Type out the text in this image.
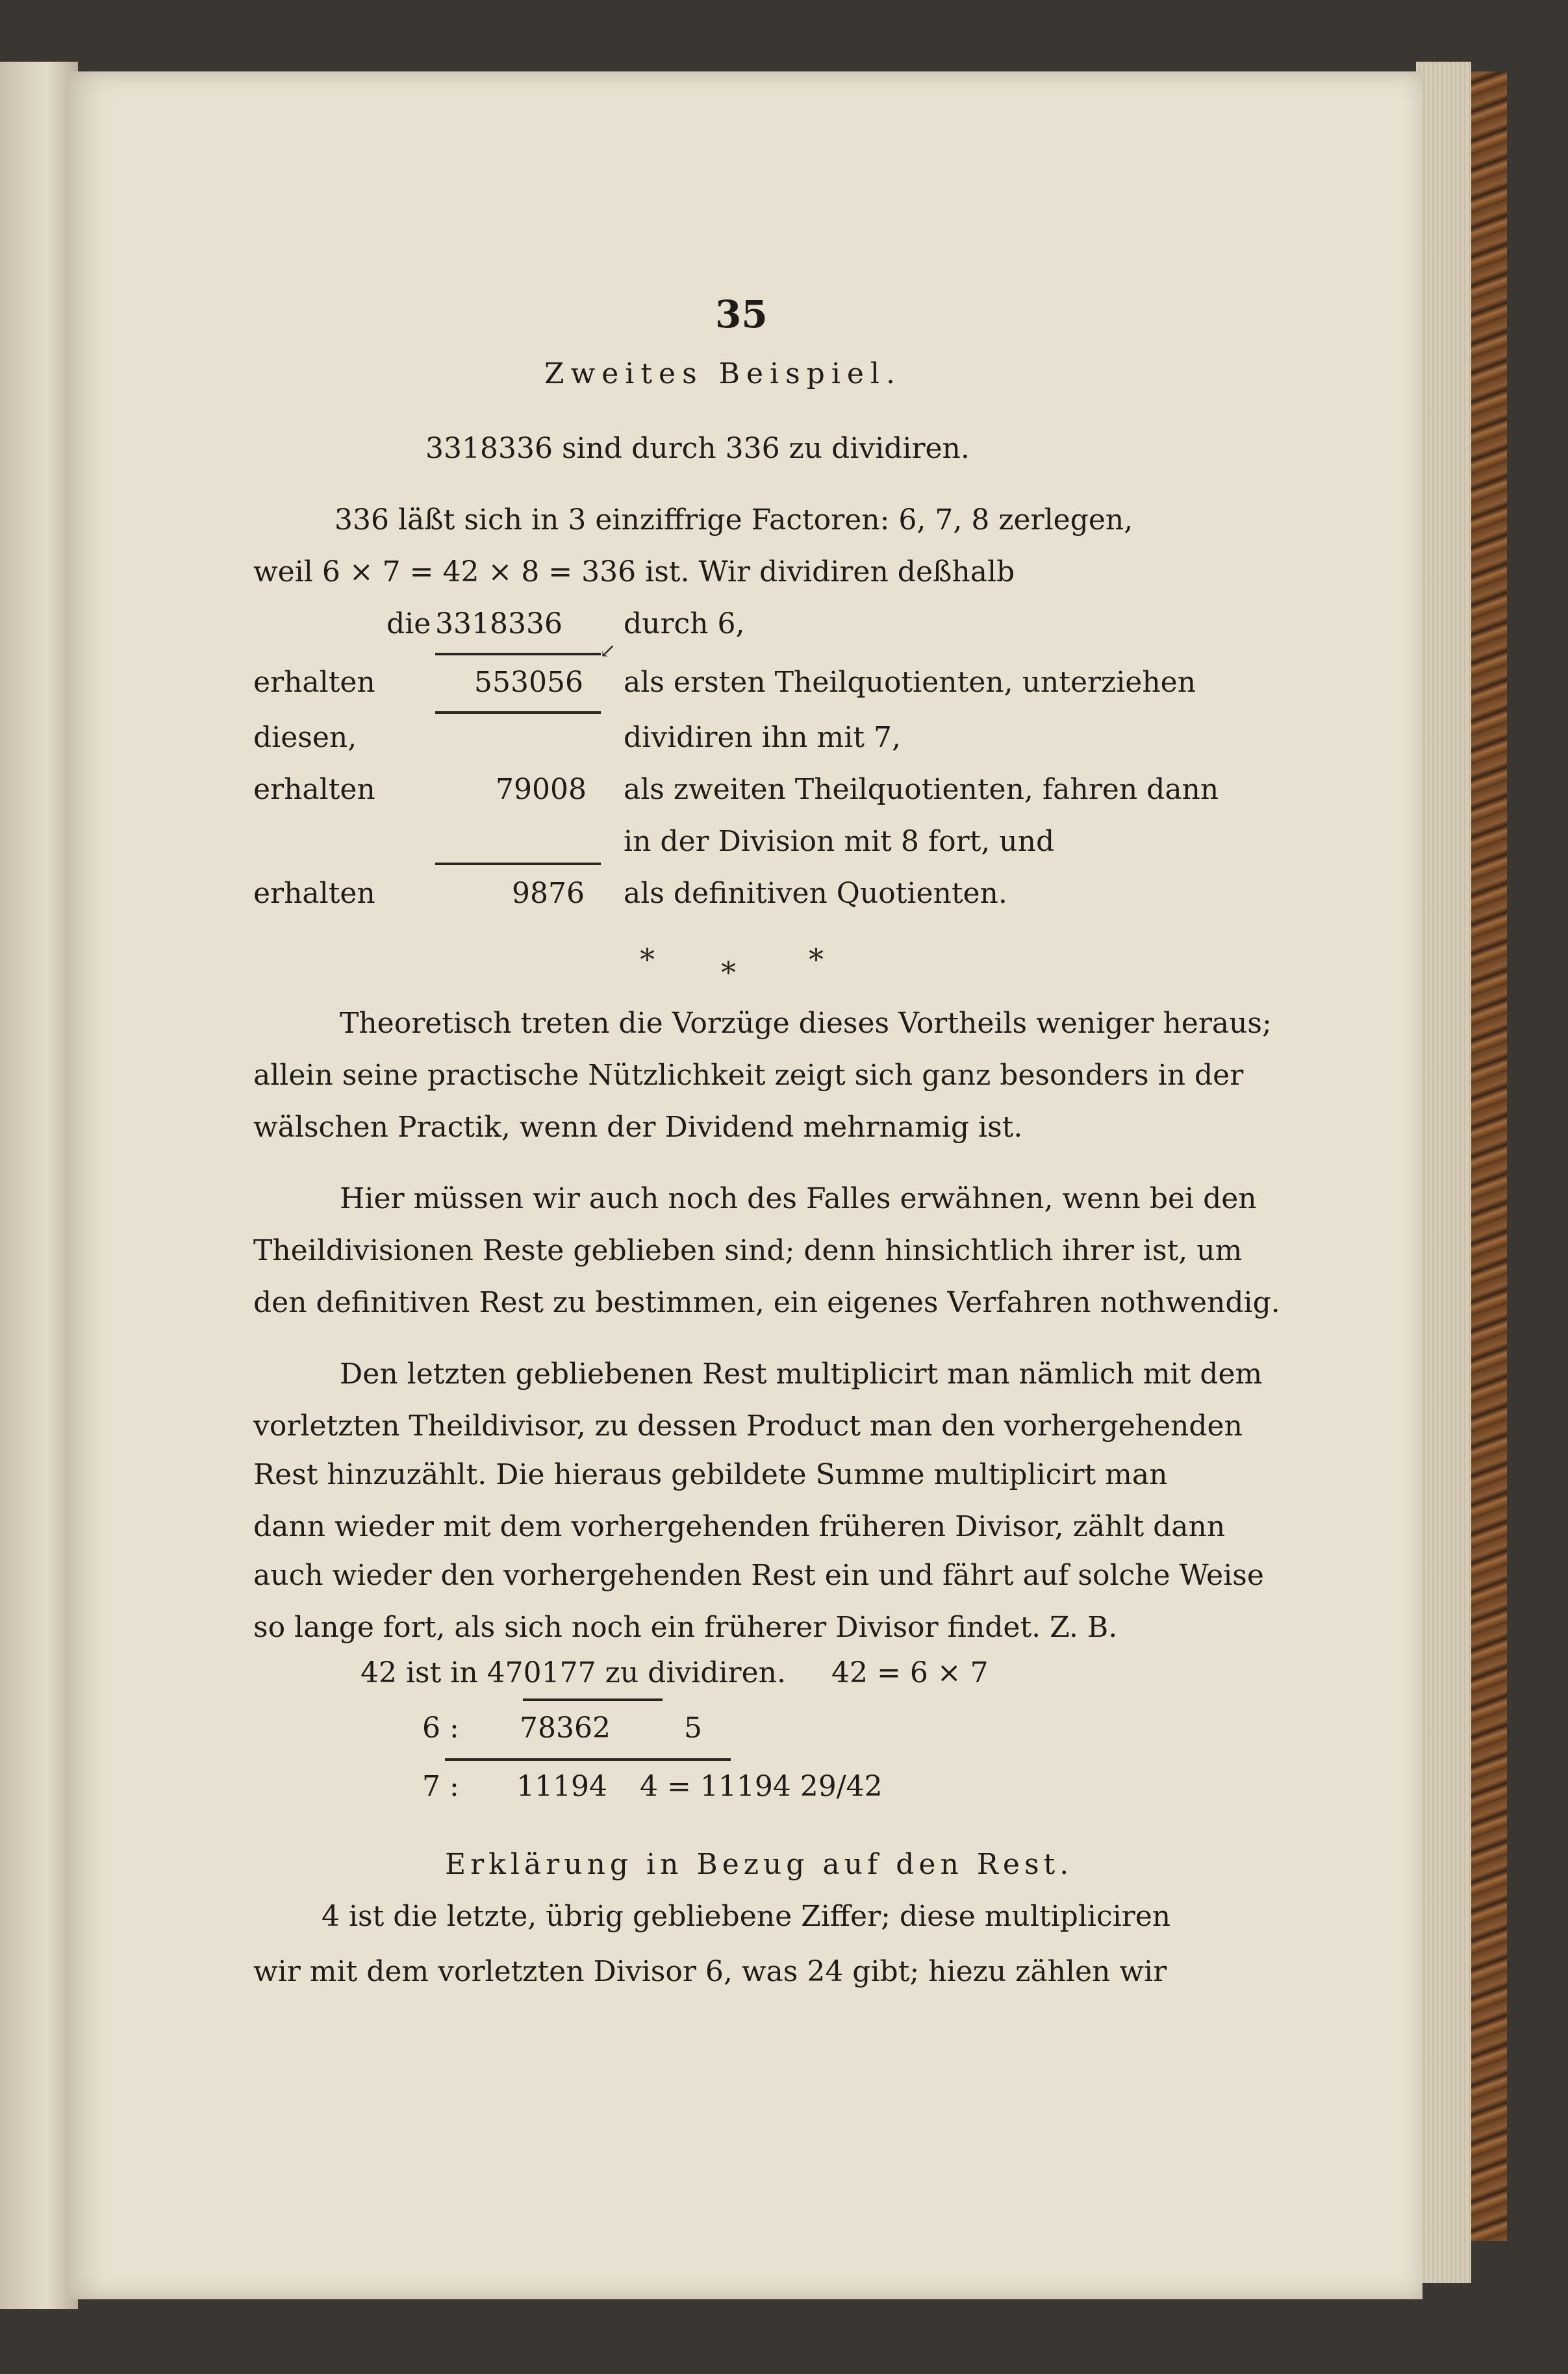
35
Zweites Beispiel.
3318336 sind durch 336 zu dividiren.
336 läßt sich in 3 einziffrige Factoren: 6, 7, 8 zerlegen,
weil 6 × 7 = 42 × 8 = 336 ist. Wir dividiren deßhalb
die 3318336 durch 6,
↙
erhalten	553056 als ersten Theilquotienten, unterziehen
diesen,	dividiren ihn mit 7,
erhalten	79008 als zweiten Theilquotienten, fahren dann
in der Division mit 8 fort, und
erhalten	9876 als definitiven Quotienten.
* * *
Theoretisch treten die Vorzüge dieses Vortheils weniger heraus;
allein seine practische Nützlichkeit zeigt sich ganz besonders in der
wälschen Practik, wenn der Dividend mehrnamig ist.
Hier müssen wir auch noch des Falles erwähnen, wenn bei den
Theildivisionen Reste geblieben sind; denn hinsichtlich ihrer ist, um
den definitiven Rest zu bestimmen, ein eigenes Verfahren nothwendig.
Den letzten gebliebenen Rest multiplicirt man nämlich mit dem
vorletzten Theildivisor, zu dessen Product man den vorhergehenden
Rest hinzuzählt. Die hieraus gebildete Summe multiplicirt man
dann wieder mit dem vorhergehenden früheren Divisor, zählt dann
auch wieder den vorhergehenden Rest ein und fährt auf solche Weise
so lange fort, als sich noch ein früherer Divisor findet. Z. B.
42 ist in 470177 zu dividiren. 42 = 6 × 7
6 : 78362	5
7 : 11194 4 = 11194 29/42
Erklärung in Bezug auf den Rest.
4 ist die letzte, übrig gebliebene Ziffer; diese multipliciren
wir mit dem vorletzten Divisor 6, was 24 gibt; hiezu zählen wir
